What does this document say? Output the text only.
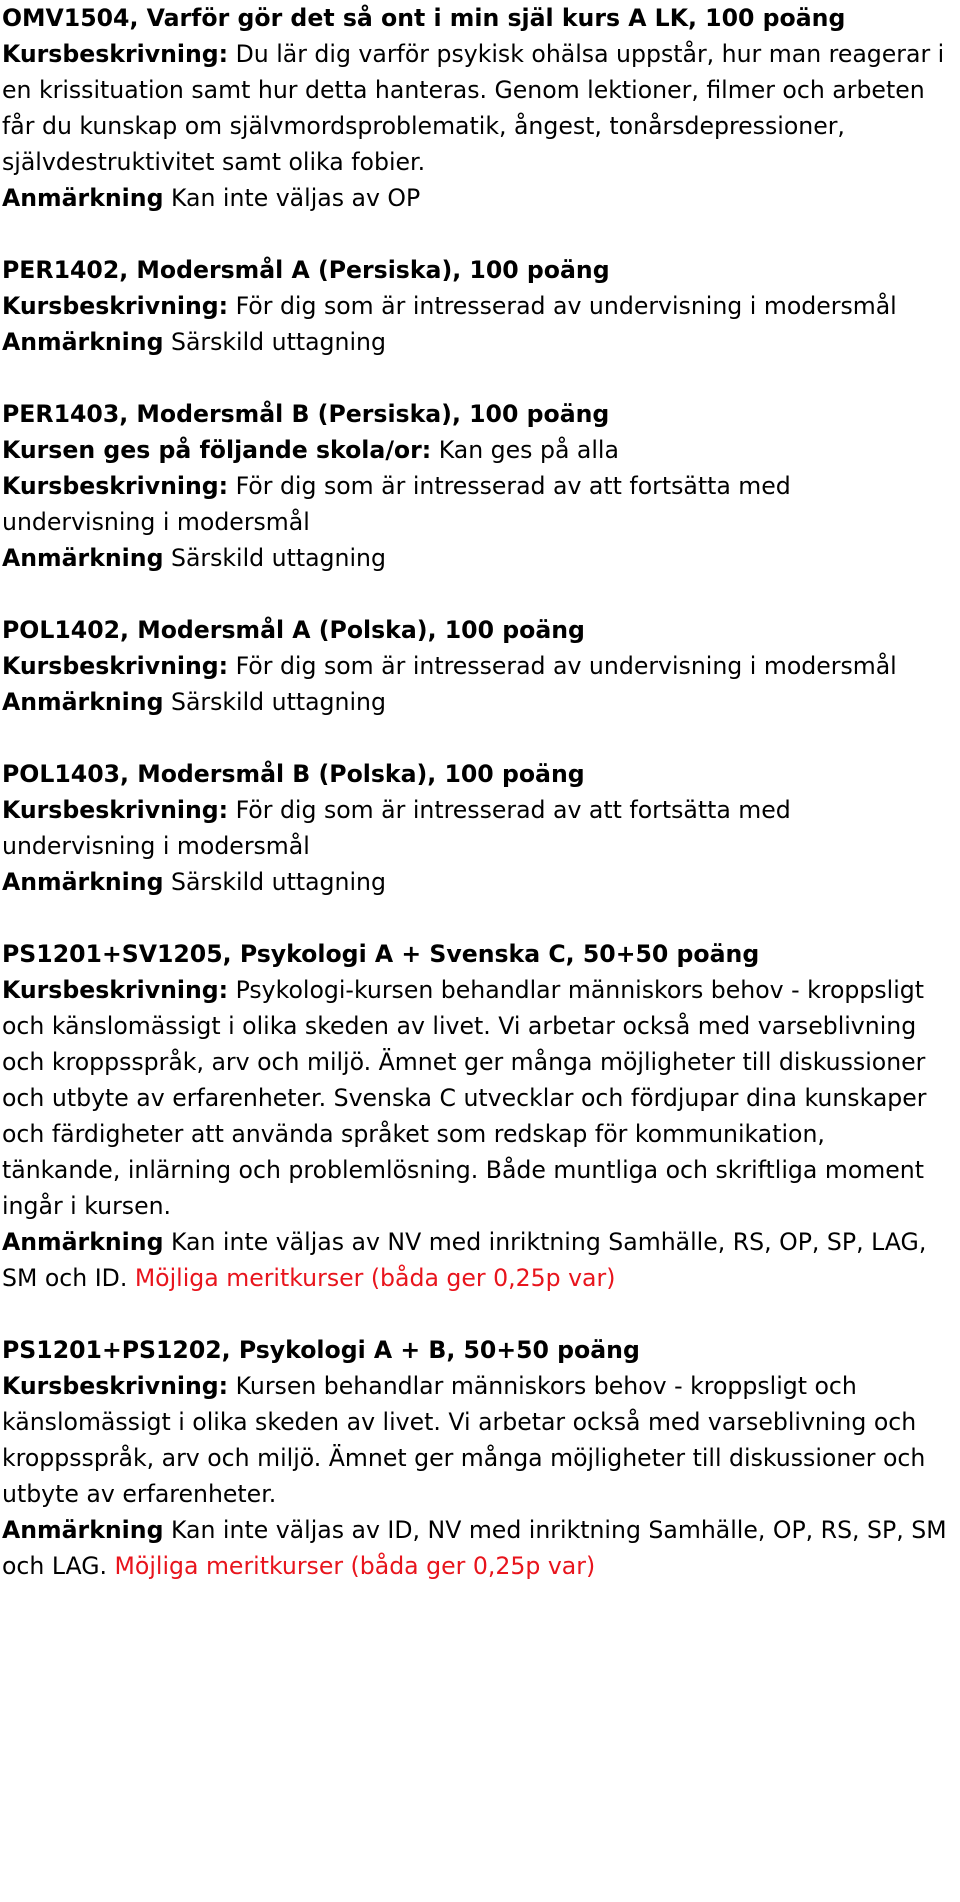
OMV1504, Varför gör det så ont i min själ kurs A LK, 100 poäng

Kursbeskrivning: Du lär dig varför psykisk ohälsa uppstår, hur man reagerar i en krissituation samt hur detta hanteras. Genom lektioner, filmer och arbeten får du kunskap om självmordsproblematik, ångest, tonårsdepressioner, självdestruktivitet samt olika fobier.

Anmärkning Kan inte väljas av OP

PER1402, Modersmål A (Persiska), 100 poäng

Kursbeskrivning: För dig som är intresserad av undervisning i modersmål

Anmärkning Särskild uttagning

PER1403, Modersmål B (Persiska), 100 poäng

Kursen ges på följande skola/or: Kan ges på alla

Kursbeskrivning: För dig som är intresserad av att fortsätta med undervisning i modersmål

Anmärkning Särskild uttagning

POL1402, Modersmål A (Polska), 100 poäng

Kursbeskrivning: För dig som är intresserad av undervisning i modersmål

Anmärkning Särskild uttagning

POL1403, Modersmål B (Polska), 100 poäng

Kursbeskrivning: För dig som är intresserad av att fortsätta med undervisning i modersmål

Anmärkning Särskild uttagning

PS1201+SV1205, Psykologi A + Svenska C, 50+50 poäng

Kursbeskrivning: Psykologi-kursen behandlar människors behov - kroppsligt och känslomässigt i olika skeden av livet. Vi arbetar också med varseblivning och kroppsspråk, arv och miljö. Ämnet ger många möjligheter till diskussioner och utbyte av erfarenheter. Svenska C utvecklar och fördjupar dina kunskaper och färdigheter att använda språket som redskap för kommunikation, tänkande, inlärning och problemlösning. Både muntliga och skriftliga moment ingår i kursen.

Anmärkning Kan inte väljas av NV med inriktning Samhälle, RS, OP, SP, LAG, SM och ID. Möjliga meritkurser (båda ger 0,25p var)

PS1201+PS1202, Psykologi A + B, 50+50 poäng

Kursbeskrivning: Kursen behandlar människors behov - kroppsligt och känslomässigt i olika skeden av livet. Vi arbetar också med varseblivning och kroppsspråk, arv och miljö. Ämnet ger många möjligheter till diskussioner och utbyte av erfarenheter.

Anmärkning Kan inte väljas av ID, NV med inriktning Samhälle, OP, RS, SP, SM och LAG. Möjliga meritkurser (båda ger 0,25p var)
